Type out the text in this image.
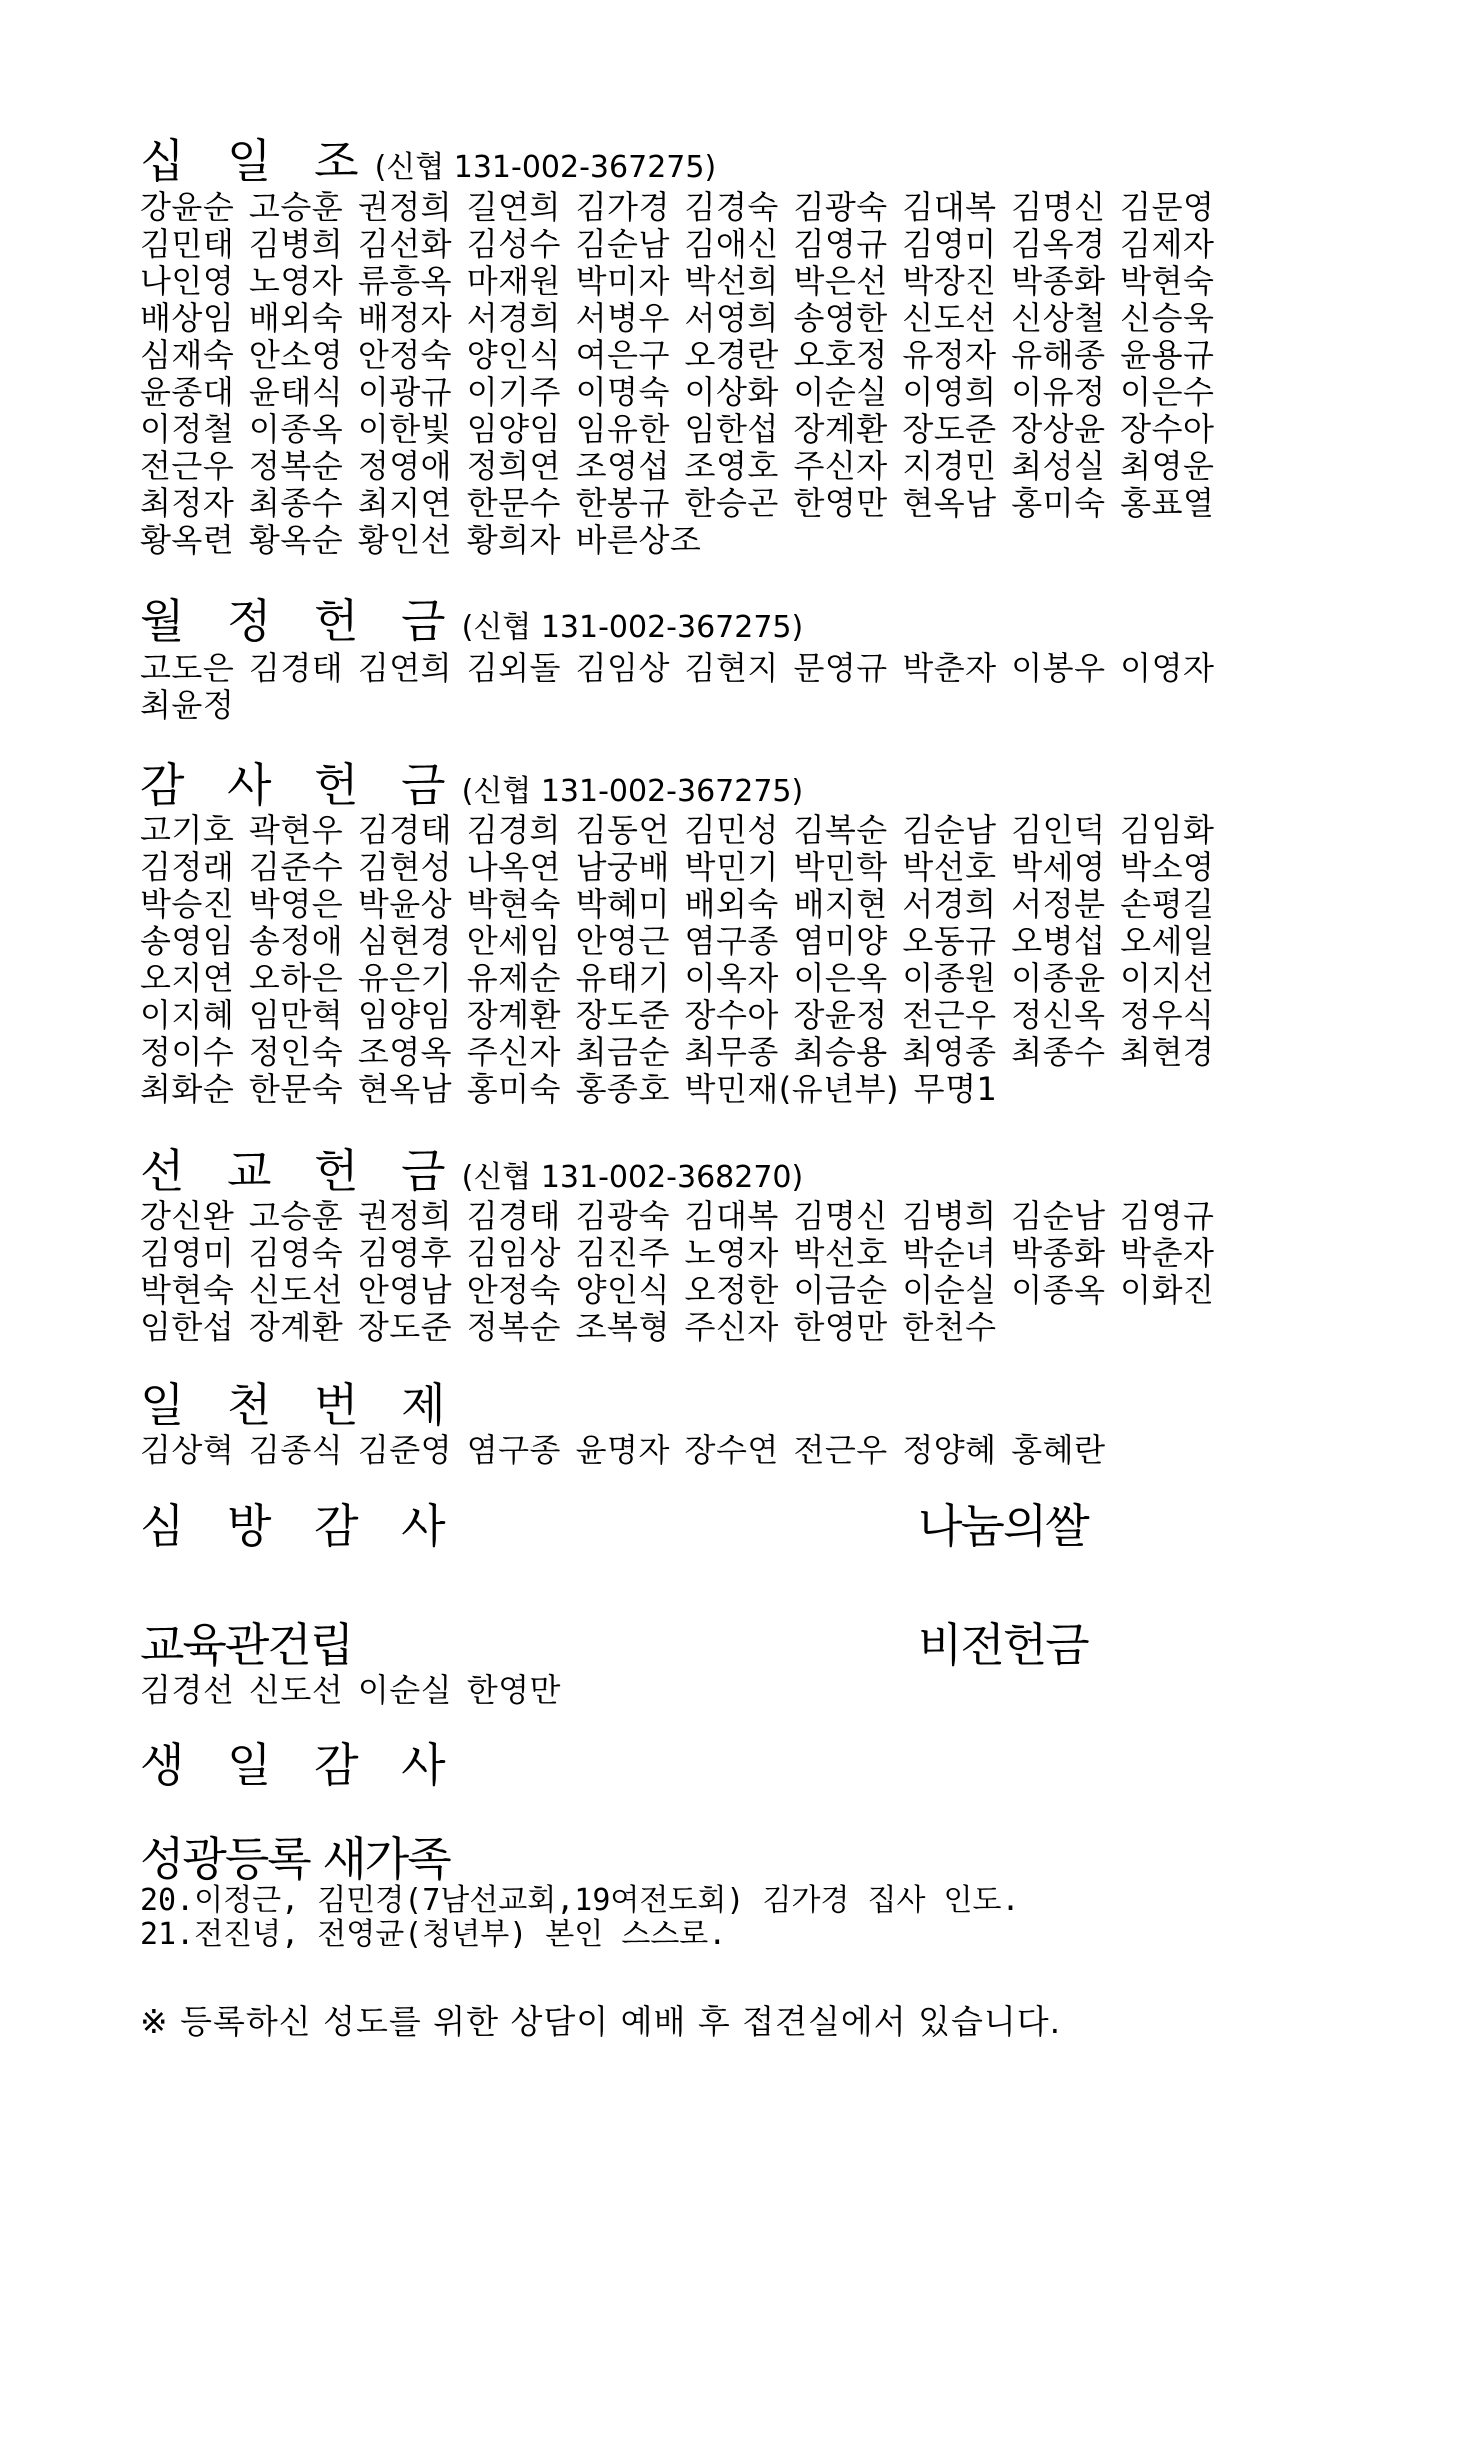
십 일 조(신협 131-002-367275)
강윤순 고승훈 권정희 길연희 김가경 김경숙 김광숙 김대복 김명신 김문영
김민태 김병희 김선화 김성수 김순남 김애신 김영규 김영미 김옥경 김제자
나인영 노영자 류흥옥 마재원 박미자 박선희 박은선 박장진 박종화 박현숙
배상임 배외숙 배정자 서경희 서병우 서영희 송영한 신도선 신상철 신승욱
심재숙 안소영 안정숙 양인식 여은구 오경란 오호정 유정자 유해종 윤용규
윤종대 윤태식 이광규 이기주 이명숙 이상화 이순실 이영희 이유정 이은수
이정철 이종옥 이한빛 임양임 임유한 임한섭 장계환 장도준 장상윤 장수아
전근우 정복순 정영애 정희연 조영섭 조영호 주신자 지경민 최성실 최영운
최정자 최종수 최지연 한문수 한봉규 한승곤 한영만 현옥남 홍미숙 홍표열
황옥련 황옥순 황인선 황희자 바른상조
월 정 헌 금(신협 131-002-367275)
고도은 김경태 김연희 김외돌 김임상 김현지 문영규 박춘자 이봉우 이영자
최윤정
감 사 헌 금(신협 131-002-367275)
고기호 곽현우 김경태 김경희 김동언 김민성 김복순 김순남 김인덕 김임화
김정래 김준수 김현성 나옥연 남궁배 박민기 박민학 박선호 박세영 박소영
박승진 박영은 박윤상 박현숙 박혜미 배외숙 배지현 서경희 서정분 손평길
송영임 송정애 심현경 안세임 안영근 염구종 염미양 오동규 오병섭 오세일
오지연 오하은 유은기 유제순 유태기 이옥자 이은옥 이종원 이종윤 이지선
이지혜 임만혁 임양임 장계환 장도준 장수아 장윤정 전근우 정신옥 정우식
정이수 정인숙 조영옥 주신자 최금순 최무종 최승용 최영종 최종수 최현경
최화순 한문숙 현옥남 홍미숙 홍종호 박민재(유년부) 무명1
선 교 헌 금(신협 131-002-368270)
강신완 고승훈 권정희 김경태 김광숙 김대복 김명신 김병희 김순남 김영규
김영미 김영숙 김영후 김임상 김진주 노영자 박선호 박순녀 박종화 박춘자
박현숙 신도선 안영남 안정숙 양인식 오정한 이금순 이순실 이종옥 이화진
임한섭 장계환 장도준 정복순 조복형 주신자 한영만 한천수
일 천 번 제
김상혁 김종식 김준영 염구종 윤명자 장수연 전근우 정양혜 홍혜란
심 방 감 사	나눔의쌀
교육관건립	비전헌금
김경선 신도선 이순실 한영만
생 일 감 사
성광등록 새가족
20.이정근, 김민경(7남선교회,19여전도회) 김가경 집사 인도.
21.전진녕, 전영균(청년부) 본인 스스로.
※ 등록하신 성도를 위한 상담이 예배 후 접견실에서 있습니다.
